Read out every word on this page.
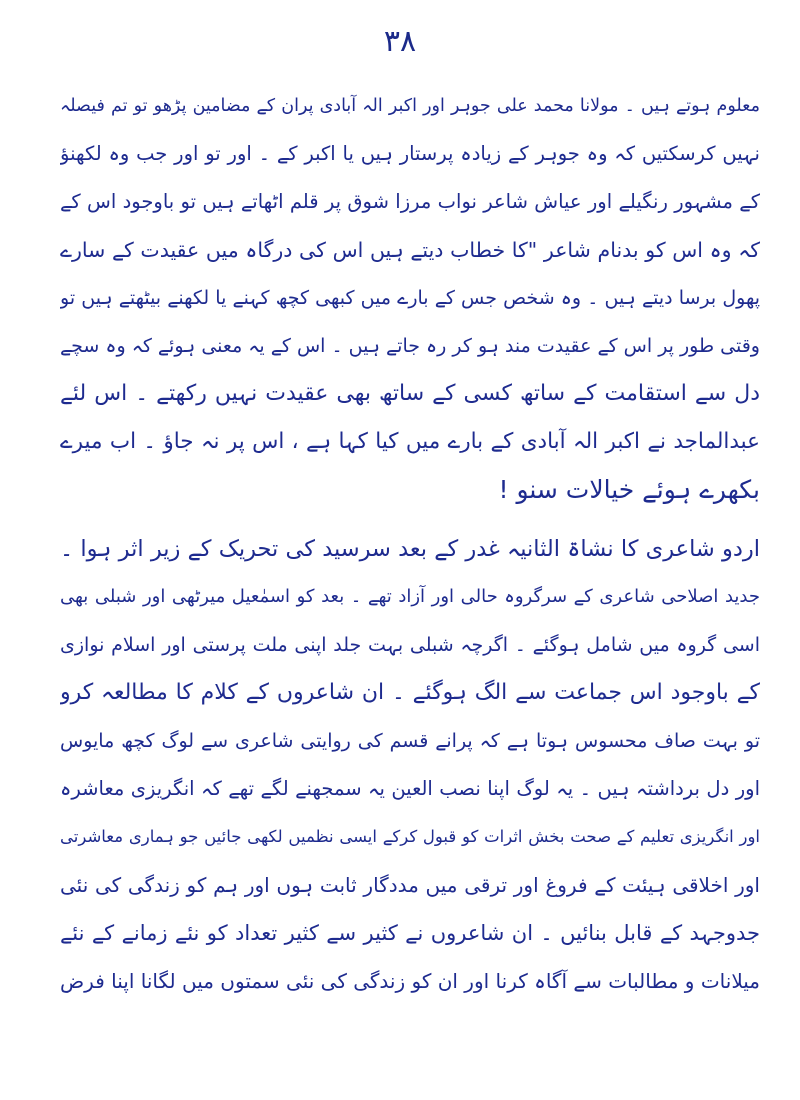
۳۸
معلوم ہوتے ہیں ۔ مولانا محمد علی جوہر اور اکبر الہ آبادی پران کے مضامین پڑھو تو تم فیصلہ
نہیں کرسکتیں کہ وہ جوہر کے زیادہ پرستار ہیں یا اکبر کے ۔ اور تو اور جب وہ لکھنؤ
کے مشہور رنگیلے اور عیاش شاعر نواب مرزا شوق پر قلم اٹھاتے ہیں تو باوجود اس کے
کہ وہ اس کو بدنام شاعر "کا خطاب دیتے ہیں اس کی درگاہ میں عقیدت کے سارے
پھول برسا دیتے ہیں ۔ وہ شخص جس کے بارے میں کبھی کچھ کہنے یا لکھنے بیٹھتے ہیں تو
وقتی طور پر اس کے عقیدت مند ہو کر رہ جاتے ہیں ۔ اس کے یہ معنی ہوئے کہ وہ سچے
دل سے استقامت کے ساتھ کسی کے ساتھ بھی عقیدت نہیں رکھتے ۔ اس لئے
عبدالماجد نے اکبر الہ آبادی کے بارے میں کیا کہا ہے ، اس پر نہ جاؤ ۔ اب میرے
بکھرے ہوئے خیالات سنو !
اردو شاعری کا نشاۃ الثانیہ غدر کے بعد سرسید کی تحریک کے زیر اثر ہوا ۔
جدید اصلاحی شاعری کے سرگروہ حالی اور آزاد تھے ۔ بعد کو اسمٰعیل میرٹھی اور شبلی بھی
اسی گروہ میں شامل ہوگئے ۔ اگرچہ شبلی بہت جلد اپنی ملت پرستی اور اسلام نوازی
کے باوجود اس جماعت سے الگ ہوگئے ۔ ان شاعروں کے کلام کا مطالعہ کرو
تو بہت صاف محسوس ہوتا ہے کہ پرانے قسم کی روایتی شاعری سے لوگ کچھ مایوس
اور دل برداشتہ ہیں ۔ یہ لوگ اپنا نصب العین یہ سمجھنے لگے تھے کہ انگریزی معاشرہ
اور انگریزی تعلیم کے صحت بخش اثرات کو قبول کرکے ایسی نظمیں لکھی جائیں جو ہماری معاشرتی
اور اخلاقی ہیئت کے فروغ اور ترقی میں مددگار ثابت ہوں اور ہم کو زندگی کی نئی
جدوجہد کے قابل بنائیں ۔ ان شاعروں نے کثیر سے کثیر تعداد کو نئے زمانے کے نئے
میلانات و مطالبات سے آگاہ کرنا اور ان کو زندگی کی نئی سمتوں میں لگانا اپنا فرض
